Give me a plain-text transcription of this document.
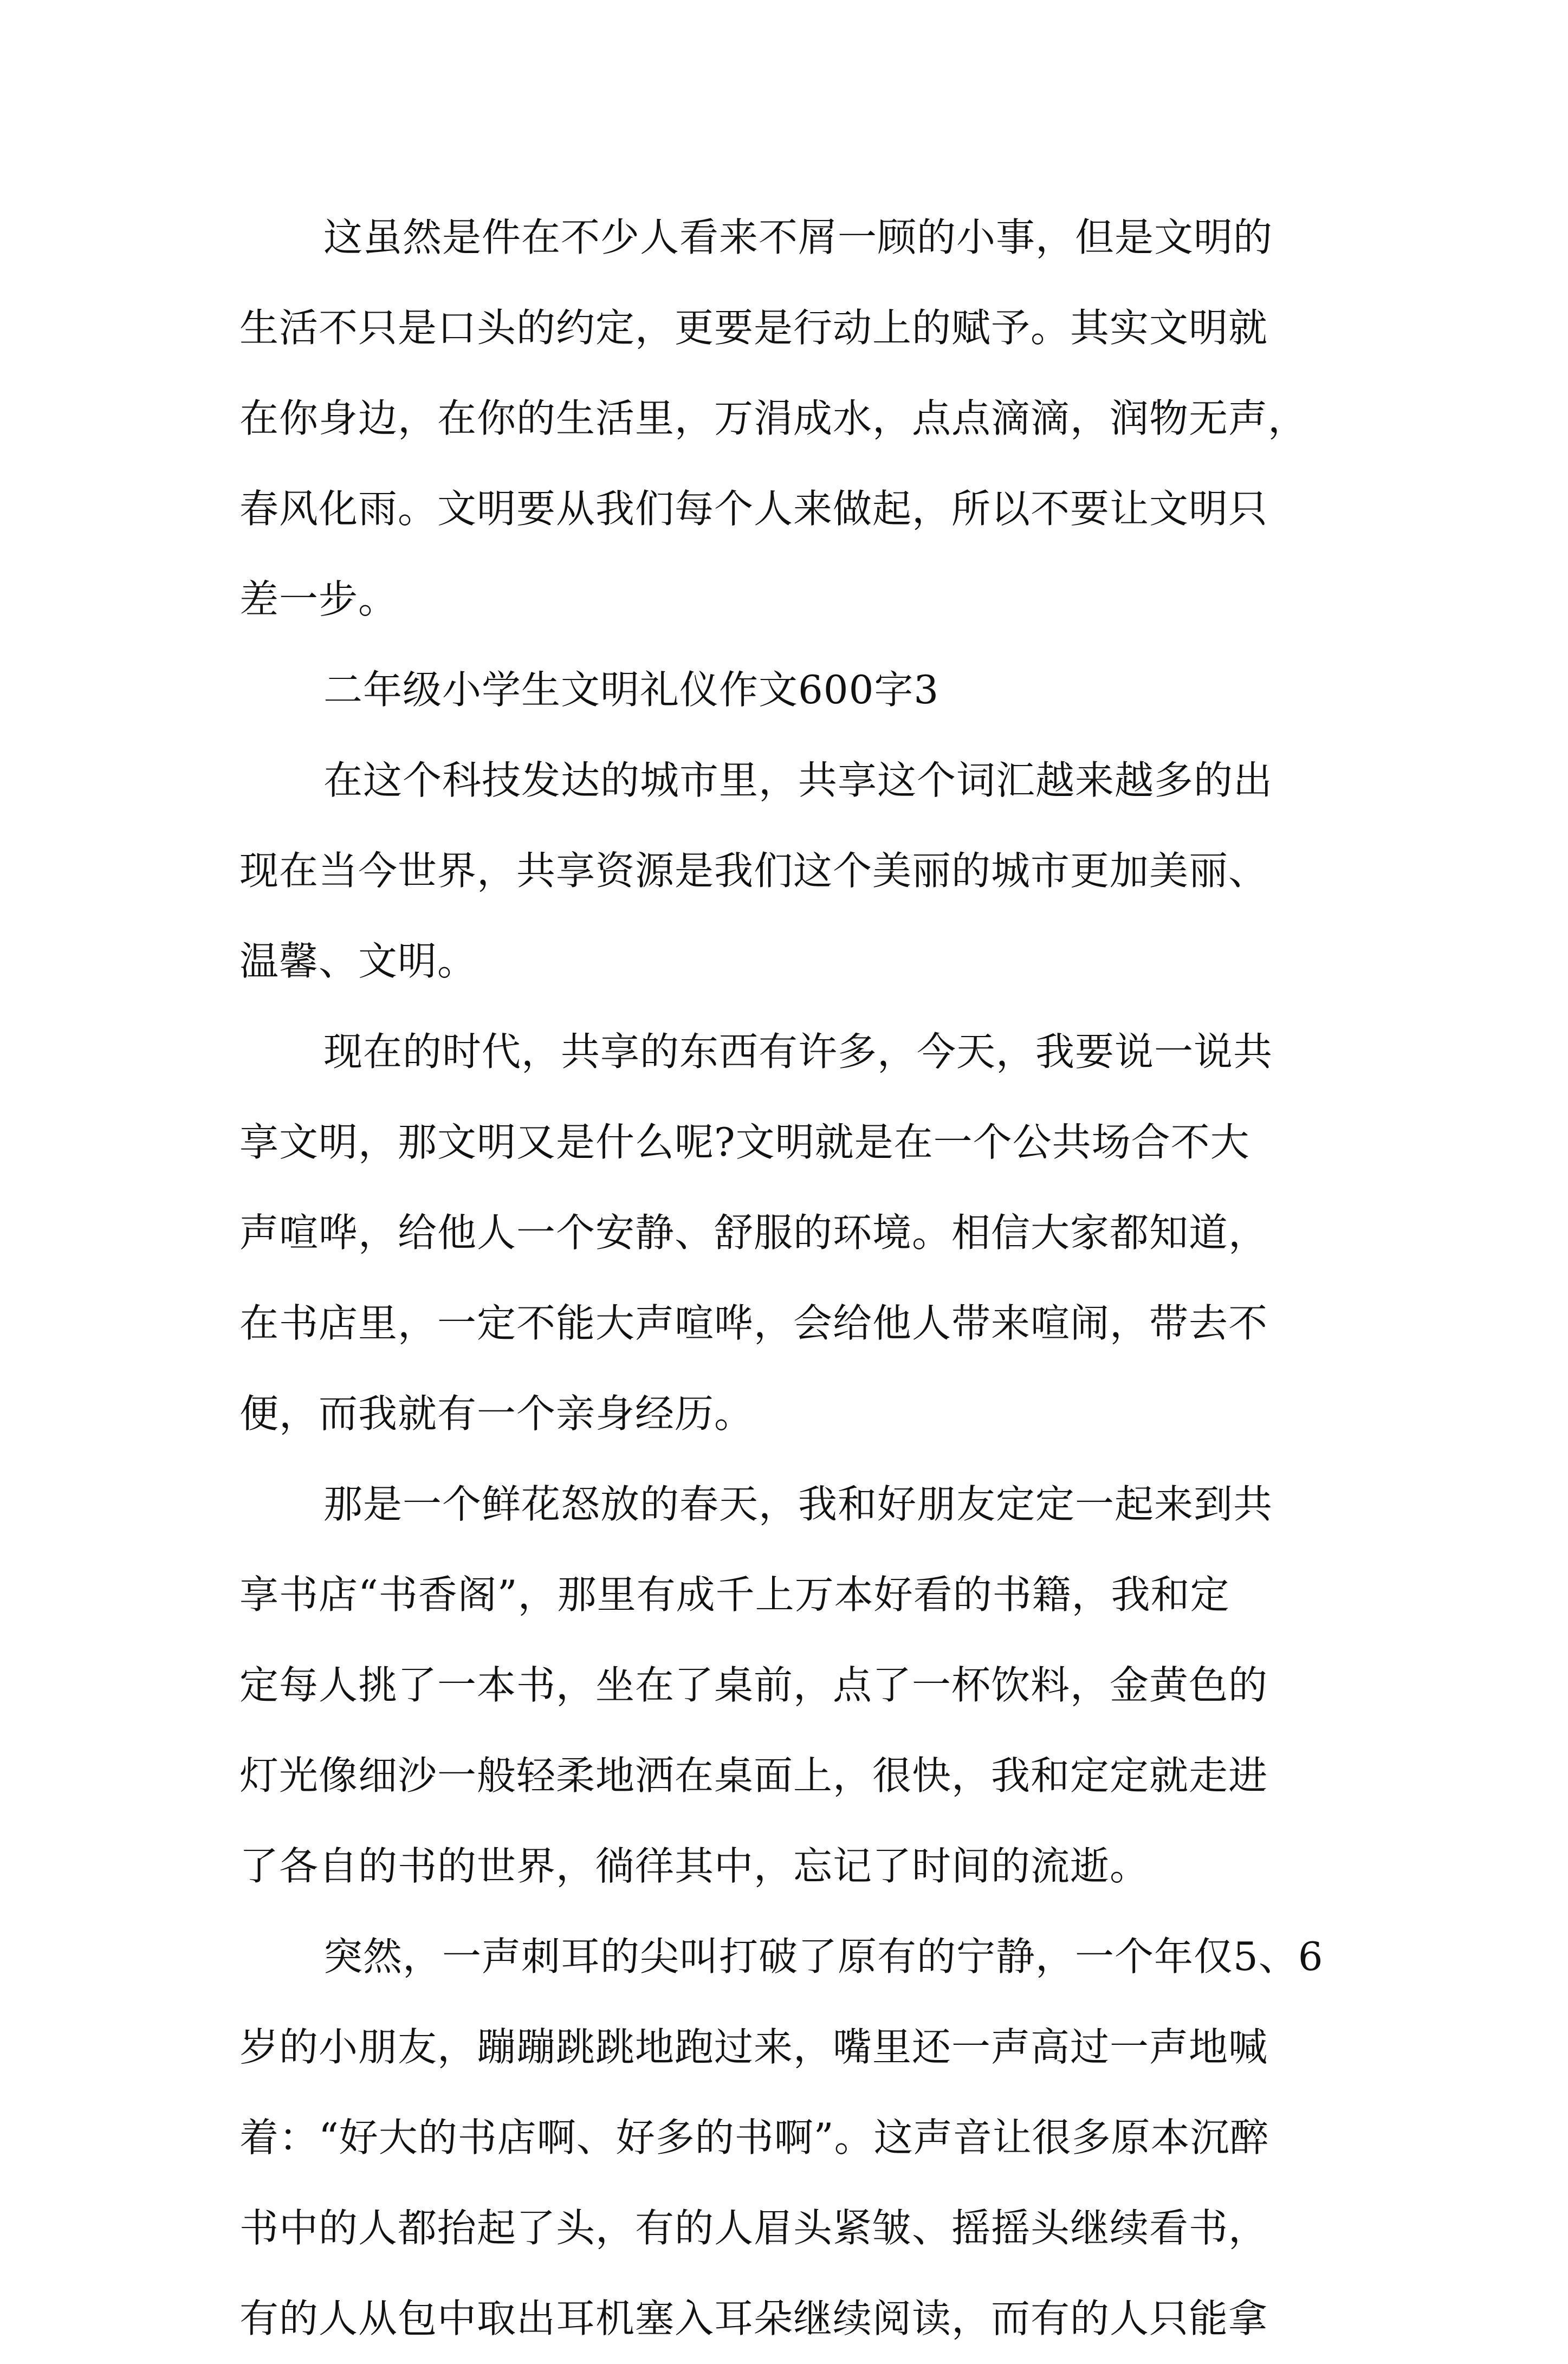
这虽然是件在不少人看来不屑一顾的小事，但是文明的
生活不只是口头的约定，更要是行动上的赋予。其实文明就
在你身边，在你的生活里，万涓成水，点点滴滴，润物无声，
春风化雨。文明要从我们每个人来做起，所以不要让文明只
差一步。
二年级小学生文明礼仪作文600字3
在这个科技发达的城市里，共享这个词汇越来越多的出
现在当今世界，共享资源是我们这个美丽的城市更加美丽、
温馨、文明。
现在的时代，共享的东西有许多，今天，我要说一说共
享文明，那文明又是什么呢?文明就是在一个公共场合不大
声喧哗，给他人一个安静、舒服的环境。相信大家都知道，
在书店里，一定不能大声喧哗，会给他人带来喧闹，带去不
便，而我就有一个亲身经历。
那是一个鲜花怒放的春天，我和好朋友定定一起来到共
享书店“书香阁”，那里有成千上万本好看的书籍，我和定
定每人挑了一本书，坐在了桌前，点了一杯饮料，金黄色的
灯光像细沙一般轻柔地洒在桌面上，很快，我和定定就走进
了各自的书的世界，徜徉其中，忘记了时间的流逝。
突然，一声刺耳的尖叫打破了原有的宁静，一个年仅5、6
岁的小朋友，蹦蹦跳跳地跑过来，嘴里还一声高过一声地喊
着：“好大的书店啊、好多的书啊”。这声音让很多原本沉醉
书中的人都抬起了头，有的人眉头紧皱、摇摇头继续看书，
有的人从包中取出耳机塞入耳朵继续阅读，而有的人只能拿
